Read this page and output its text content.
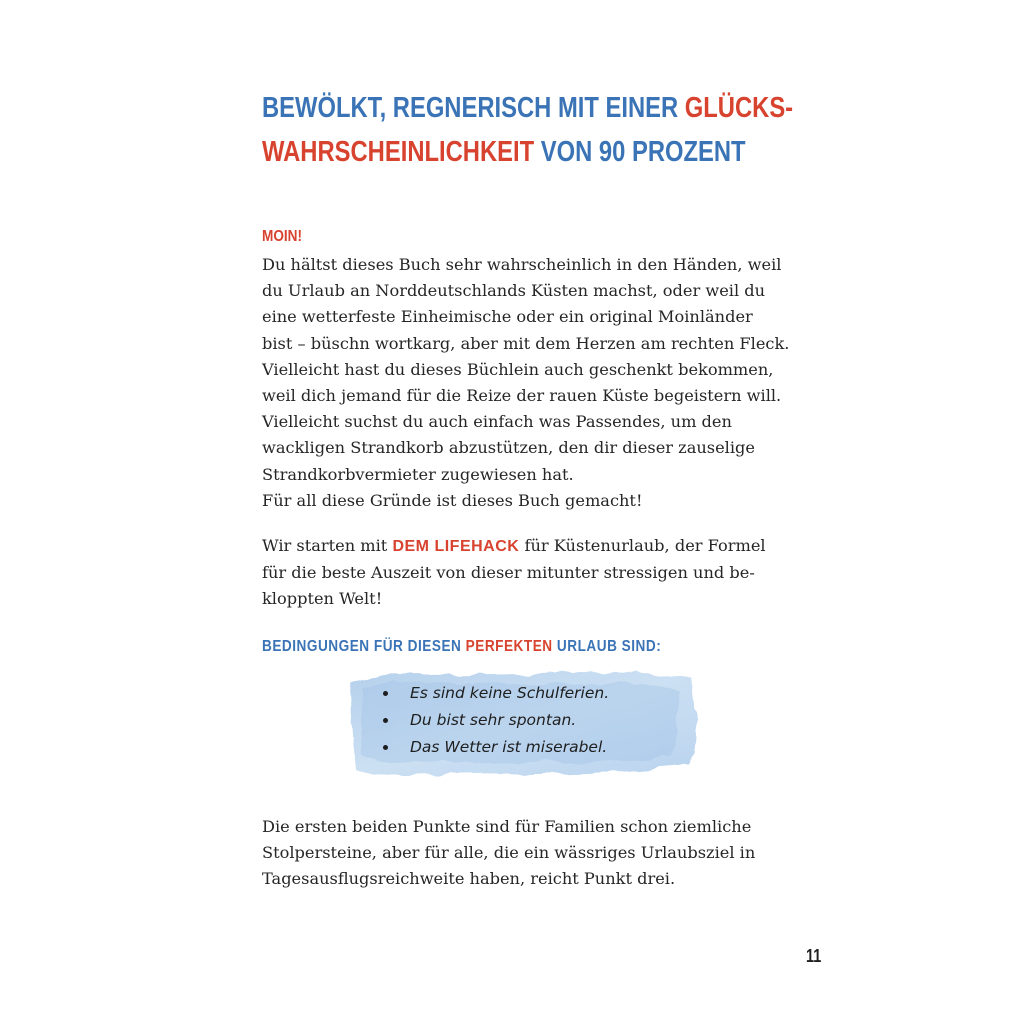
BEWÖLKT, REGNERISCH MIT EINER GLÜCKS-
WAHRSCHEINLICHKEIT VON 90 PROZENT
MOIN!
Du hältst dieses Buch sehr wahrscheinlich in den Händen, weil
du Urlaub an Norddeutschlands Küsten machst, oder weil du
eine wetterfeste Einheimische oder ein original Moinländer
bist – büschn wortkarg, aber mit dem Herzen am rechten Fleck.
Vielleicht hast du dieses Büchlein auch geschenkt bekommen,
weil dich jemand für die Reize der rauen Küste begeistern will.
Vielleicht suchst du auch einfach was Passendes, um den
wackligen Strandkorb abzustützen, den dir dieser zauselige
Strandkorbvermieter zugewiesen hat.
Für all diese Gründe ist dieses Buch gemacht!
Wir starten mit DEM LIFEHACK für Küstenurlaub, der Formel
für die beste Auszeit von dieser mitunter stressigen und be-
kloppten Welt!
BEDINGUNGEN FÜR DIESEN PERFEKTEN URLAUB SIND:
Es sind keine Schulferien.
Du bist sehr spontan.
Das Wetter ist miserabel.
Die ersten beiden Punkte sind für Familien schon ziemliche
Stolpersteine, aber für alle, die ein wässriges Urlaubsziel in
Tagesausflugsreichweite haben, reicht Punkt drei.
11
